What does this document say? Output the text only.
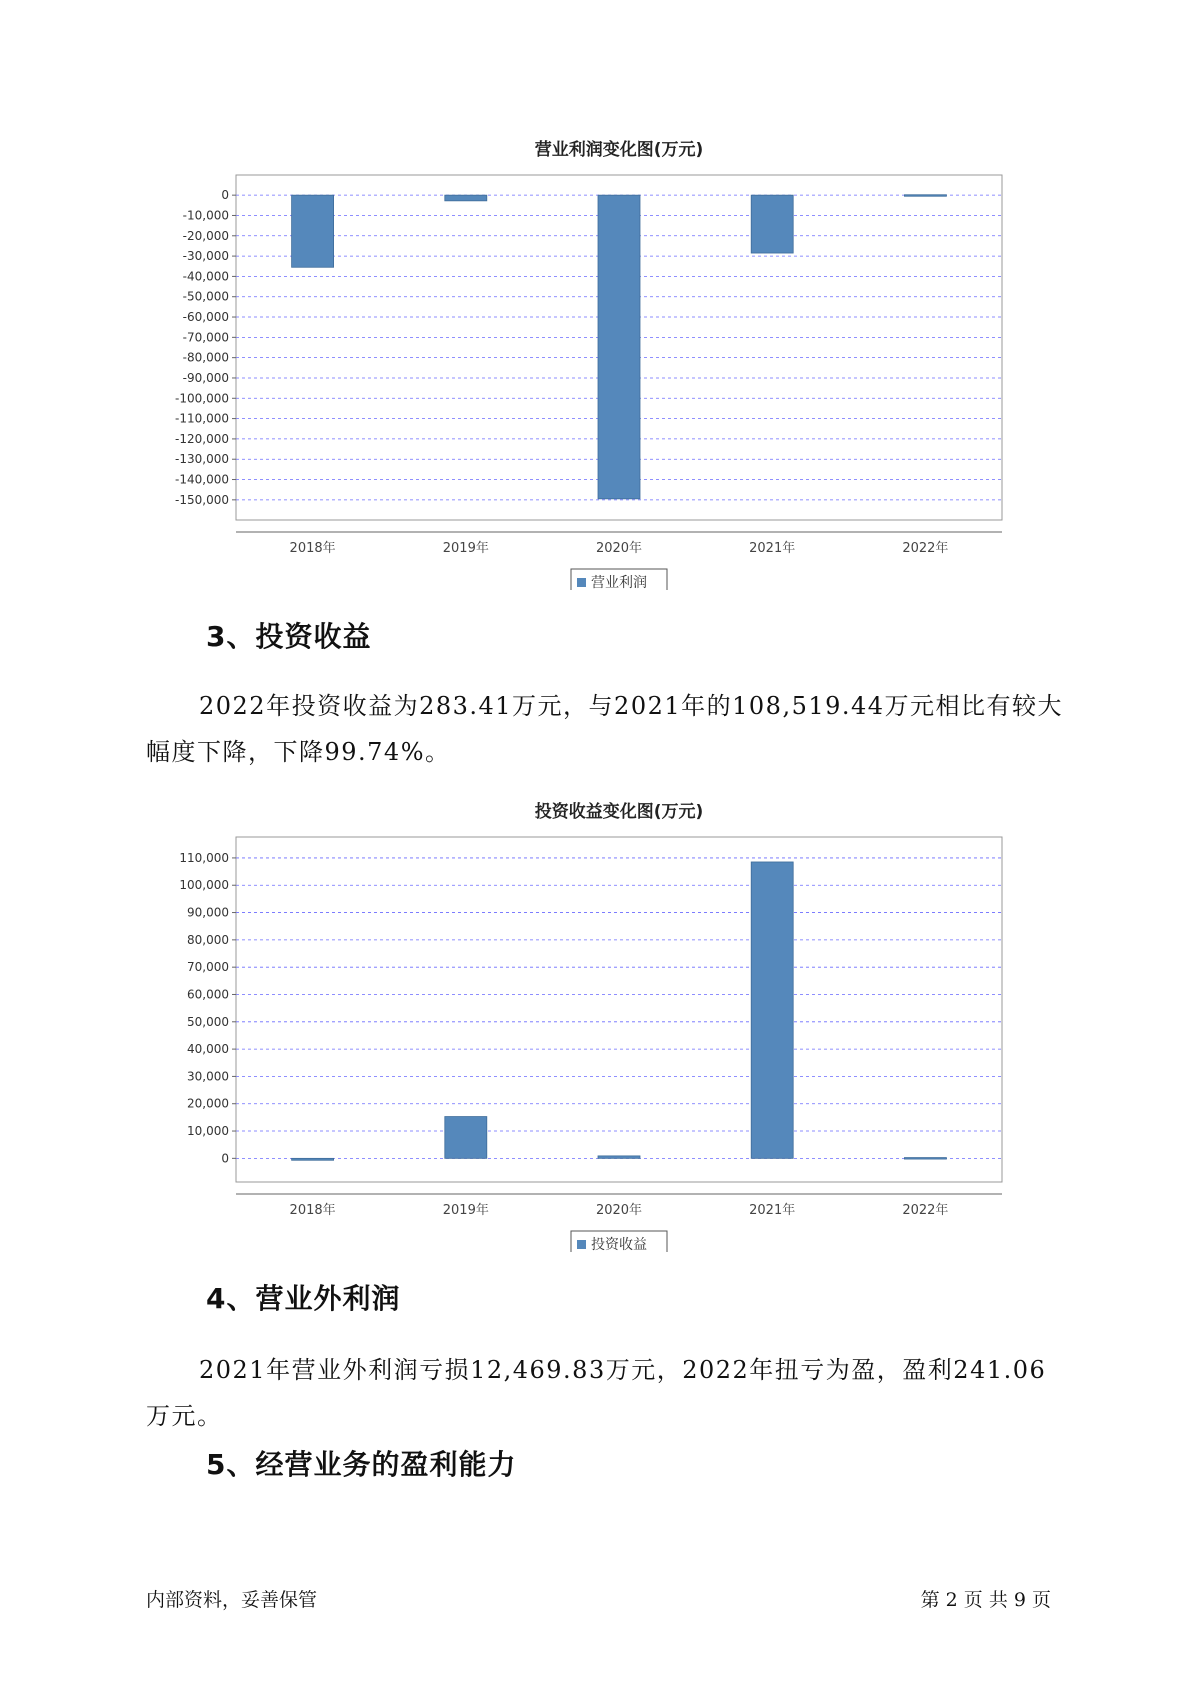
营业利润变化图(万元)
0
-10,000
-20,000
-30,000
-40,000
-50,000
-60,000
-70,000
-80,000
-90,000
-100,000
-110,000
-120,000
-130,000
-140,000
-150,000
2018年	2019年	2020年	2021年	2022年
营业利润
3、投资收益

2022年投资收益为283.41万元，与2021年的108,519.44万元相比有较大幅度下降，下降99.74%。

投资收益变化图(万元)
110,000
100,000
90,000
80,000
70,000
60,000
50,000
40,000
30,000
20,000
10,000
0
2018年	2019年	2020年	2021年	2022年
投资收益
4、营业外利润

2021年营业外利润亏损12,469.83万元，2022年扭亏为盈，盈利241.06万元。

5、经营业务的盈利能力

内部资料，妥善保管	第 2 页 共 9 页
